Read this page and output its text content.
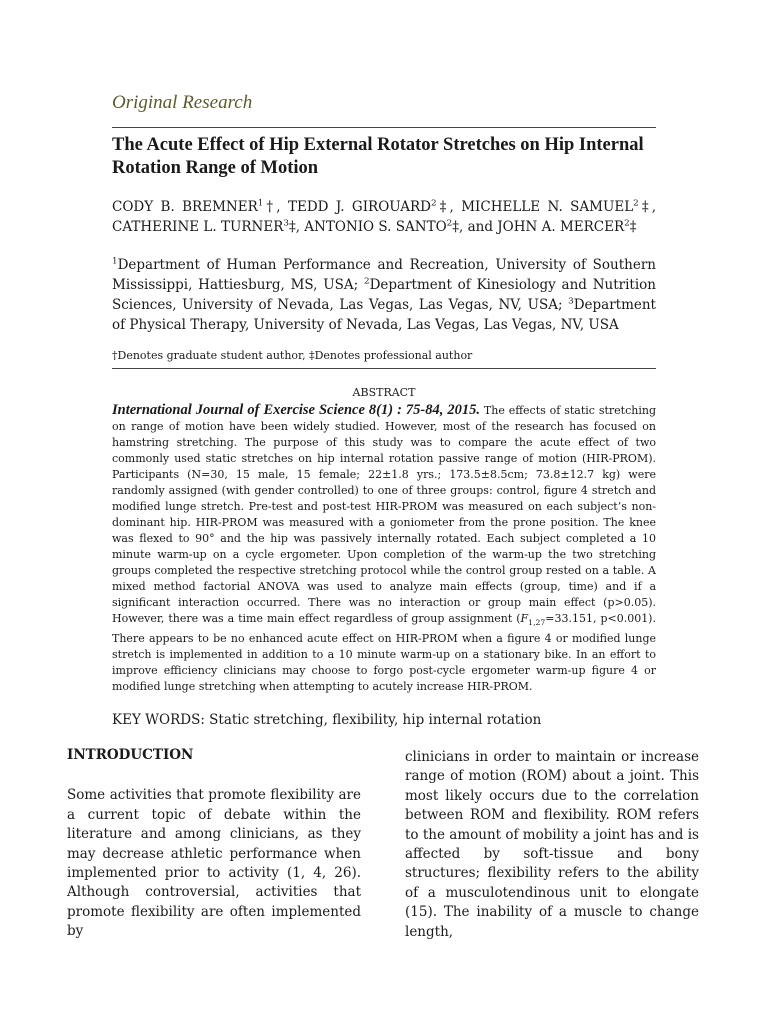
Original Research
The Acute Effect of Hip External Rotator Stretches on Hip Internal Rotation Range of Motion
CODY B. BREMNER$^1$†, TEDD J. GIROUARD$^2$‡, MICHELLE N. SAMUEL$^2$‡, CATHERINE L. TURNER$^3$‡, ANTONIO S. SANTO$^2$‡, and JOHN A. MERCER$^2$‡
$^1$Department of Human Performance and Recreation, University of Southern Mississippi, Hattiesburg, MS, USA; $^2$Department of Kinesiology and Nutrition Sciences, University of Nevada, Las Vegas, Las Vegas, NV, USA; $^3$Department of Physical Therapy, University of Nevada, Las Vegas, Las Vegas, NV, USA
†Denotes graduate student author, ‡Denotes professional author
ABSTRACT
International Journal of Exercise Science 8(1) : 75-84, 2015. The effects of static stretching on range of motion have been widely studied. However, most of the research has focused on hamstring stretching. The purpose of this study was to compare the acute effect of two commonly used static stretches on hip internal rotation passive range of motion (HIR-PROM). Participants (N=30, 15 male, 15 female; 22±1.8 yrs.; 173.5±8.5cm; 73.8±12.7 kg) were randomly assigned (with gender controlled) to one of three groups: control, figure 4 stretch and modified lunge stretch. Pre-test and post-test HIR-PROM was measured on each subject’s non-dominant hip. HIR-PROM was measured with a goniometer from the prone position. The knee was flexed to 90° and the hip was passively internally rotated. Each subject completed a 10 minute warm-up on a cycle ergometer. Upon completion of the warm-up the two stretching groups completed the respective stretching protocol while the control group rested on a table. A mixed method factorial ANOVA was used to analyze main effects (group, time) and if a significant interaction occurred. There was no interaction or group main effect (p>0.05). However, there was a time main effect regardless of group assignment ($F_{1,27}=33.151$, p<0.001). There appears to be no enhanced acute effect on HIR-PROM when a figure 4 or modified lunge stretch is implemented in addition to a 10 minute warm-up on a stationary bike. In an effort to improve efficiency clinicians may choose to forgo post-cycle ergometer warm-up figure 4 or modified lunge stretching when attempting to acutely increase HIR-PROM.
KEY WORDS: Static stretching, flexibility, hip internal rotation
INTRODUCTION

Some activities that promote flexibility are a current topic of debate within the literature and among clinicians, as they may decrease athletic performance when implemented prior to activity (1, 4, 26). Although controversial, activities that promote flexibility are often implemented by

clinicians in order to maintain or increase range of motion (ROM) about a joint. This most likely occurs due to the correlation between ROM and flexibility. ROM refers to the amount of mobility a joint has and is affected by soft-tissue and bony structures; flexibility refers to the ability of a musculotendinous unit to elongate (15). The inability of a muscle to change length,
